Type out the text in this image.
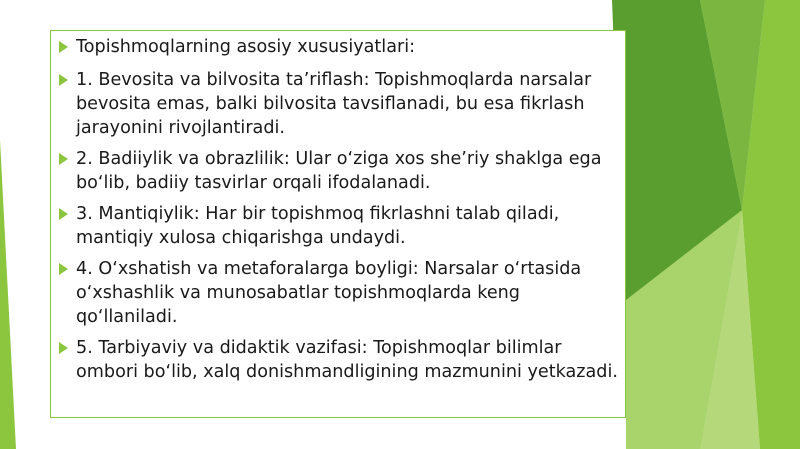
Topishmoqlarning asosiy xususiyatlari:
1. Bevosita va bilvosita ta’riflash: Topishmoqlarda narsalar bevosita emas, balki bilvosita tavsiflanadi, bu esa fikrlash jarayonini rivojlantiradi.
2. Badiiylik va obrazlilik: Ular o‘ziga xos she’riy shaklga ega bo‘lib, badiiy tasvirlar orqali ifodalanadi.
3. Mantiqiylik: Har bir topishmoq fikrlashni talab qiladi, mantiqiy xulosa chiqarishga undaydi.
4. O‘xshatish va metaforalarga boyligi: Narsalar o‘rtasida o‘xshashlik va munosabatlar topishmoqlarda keng qo‘llaniladi.
5. Tarbiyaviy va didaktik vazifasi: Topishmoqlar bilimlar ombori bo‘lib, xalq donishmandligining mazmunini yetkazadi.
